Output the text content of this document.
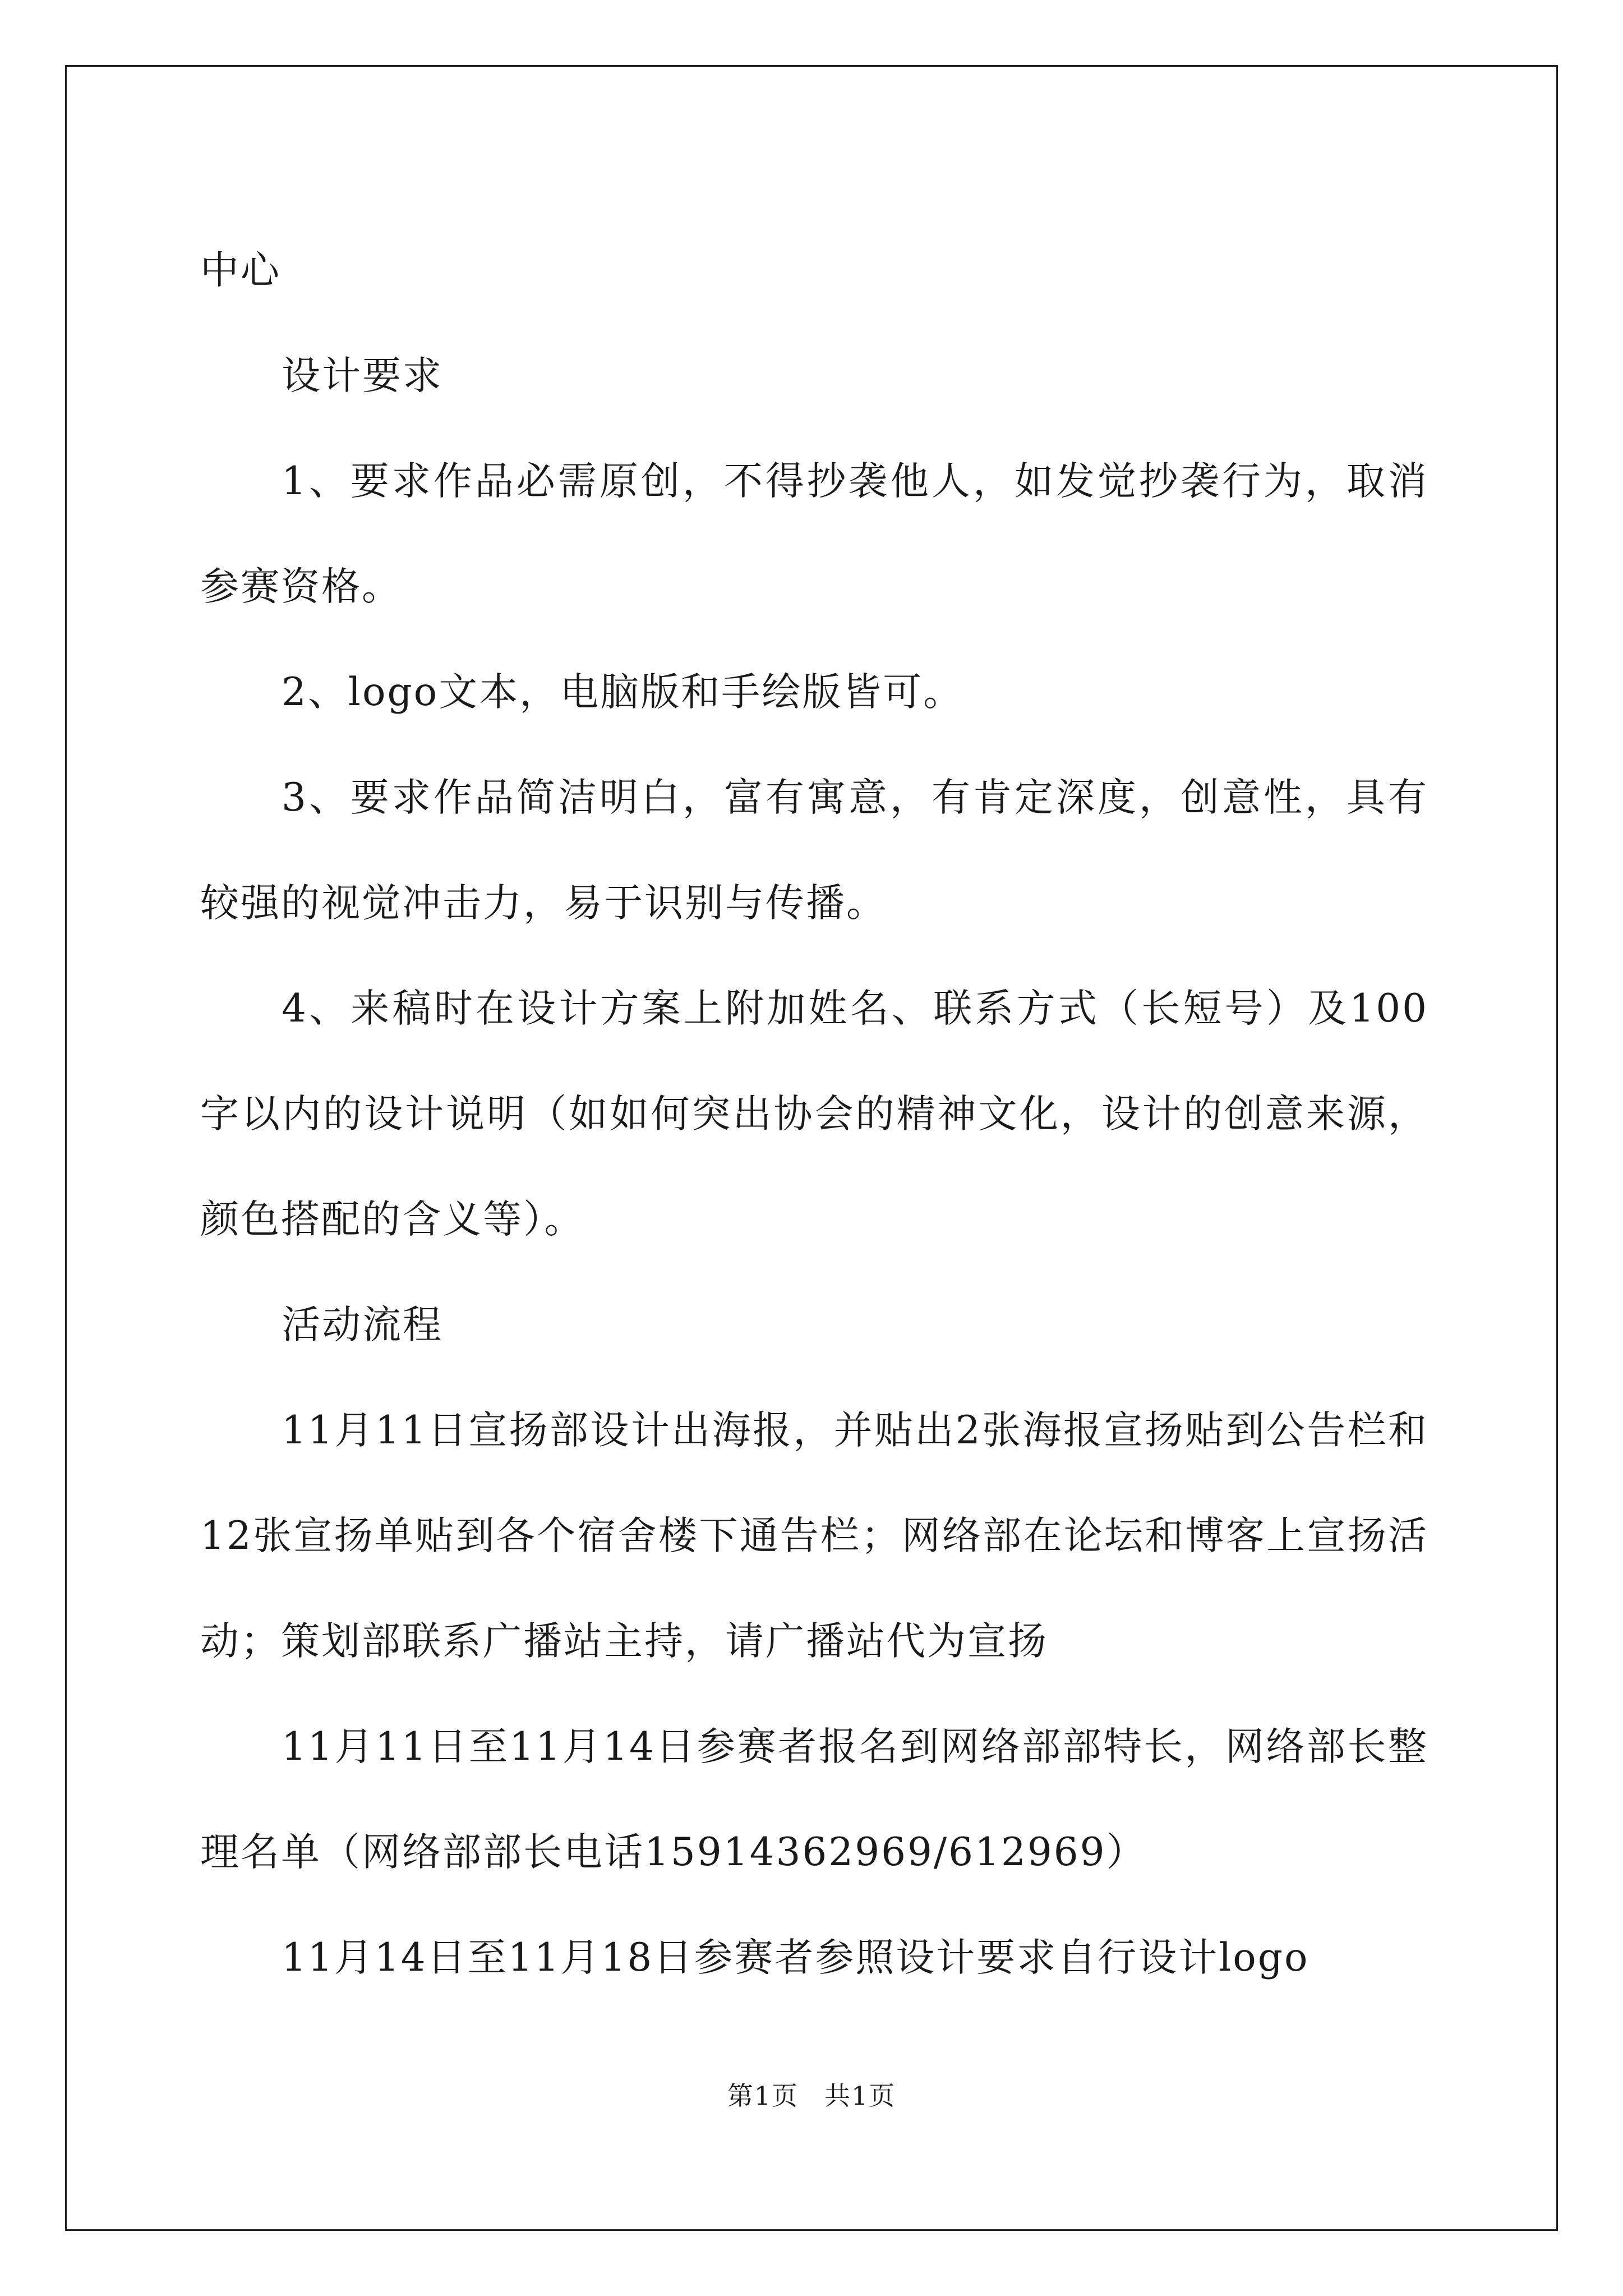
中心

设计要求

1、要求作品必需原创，不得抄袭他人，如发觉抄袭行为，取消参赛资格。

2、logo文本，电脑版和手绘版皆可。

3、要求作品简洁明白，富有寓意，有肯定深度，创意性，具有较强的视觉冲击力，易于识别与传播。

4、来稿时在设计方案上附加姓名、联系方式（长短号）及100字以内的设计说明（如如何突出协会的精神文化，设计的创意来源，颜色搭配的含义等）。

活动流程

11月11日宣扬部设计出海报，并贴出2张海报宣扬贴到公告栏和12张宣扬单贴到各个宿舍楼下通告栏；网络部在论坛和博客上宣扬活动；策划部联系广播站主持，请广播站代为宣扬

11月11日至11月14日参赛者报名到网络部部特长，网络部长整理名单（网络部部长电话15914362969/612969）

11月14日至11月18日参赛者参照设计要求自行设计logo

第1页 共1页
